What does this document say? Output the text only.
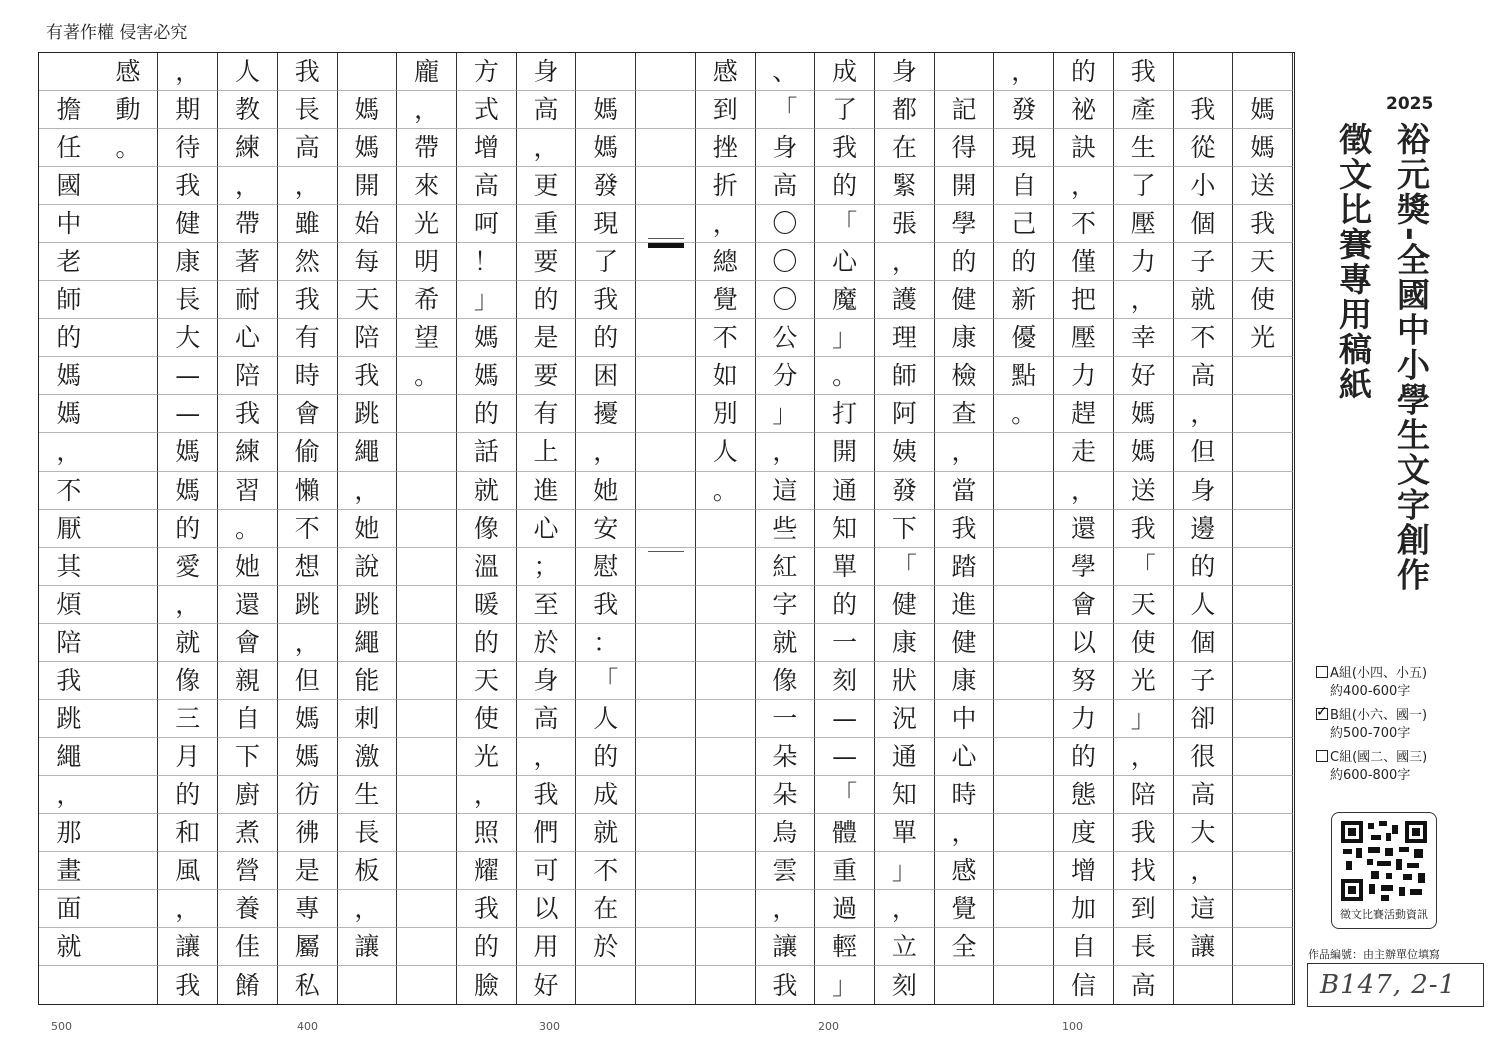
有著作權 侵害必究

媽
媽
送
我
天
使
光

我
從
小
個
子
就
不
高
，
但
身
邊
的
人
個
子
卻
很
高
大
，
這
讓
我
產
生
了
壓
力
，
幸
好
媽
媽
送
我
「
天
使
光
」
，
陪
我
找
到
長
高
的
祕
訣
，
不
僅
把
壓
力
趕
走
，
還
學
會
以
努
力
的
態
度
增
加
自
信
，
發
現
自
己
的
新
優
點
。

記
得
開
學
的
健
康
檢
查
，
當
我
踏
進
健
康
中
心
時
，
感
覺
全
身
都
在
緊
張
，
護
理
師
阿
姨
發
下
「
健
康
狀
況
通
知
單
」
，
立
刻
成
了
我
的
「
心
魔
」
。
打
開
通
知
單
的
一
刻
—
—
「
體
重
過
輕
」
、
「
身
高
〇
〇
〇
公
分
」
，
這
些
紅
字
就
像
一
朵
朵
烏
雲
，
讓
我
感
到
挫
折
，
總
覺
不
如
別
人
。

媽
媽
發
現
了
我
的
困
擾
，
她
安
慰
我
：
「
人
的
成
就
不
在
於
身
高
，
更
重
要
的
是
要
有
上
進
心
；
至
於
身
高
，
我
們
可
以
用
好
方
式
增
高
呵
！
」
媽
媽
的
話
就
像
溫
暖
的
天
使
光
，
照
耀
我
的
臉
龐
，
帶
來
光
明
希
望
。

媽
媽
開
始
每
天
陪
我
跳
繩
，
她
說
跳
繩
能
刺
激
生
長
板
，
讓
我
長
高
，
雖
然
我
有
時
會
偷
懶
不
想
跳
，
但
媽
媽
彷
彿
是
專
屬
私
人
教
練
，
帶
著
耐
心
陪
我
練
習
。
她
還
會
親
自
下
廚
煮
營
養
佳
餚
，
期
待
我
健
康
長
大
—
—
媽
媽
的
愛
，
就
像
三
月
的
和
風
，
讓
我
感
動
。

擔
任
國
中
老
師
的
媽
媽
，
不
厭
其
煩
陪
我
跳
繩
，
那
畫
面
就
500	400	300	200	100
2025
裕元獎-全國中小學生文字創作
徵文比賽專用稿紙
A組(小四、小五)
約400-600字
✓B組(小六、國一)
約500-700字
C組(國二、國三)
約600-800字
徵文比賽活動資訊
作品編號：由主辦單位填寫
B147, 2-1
